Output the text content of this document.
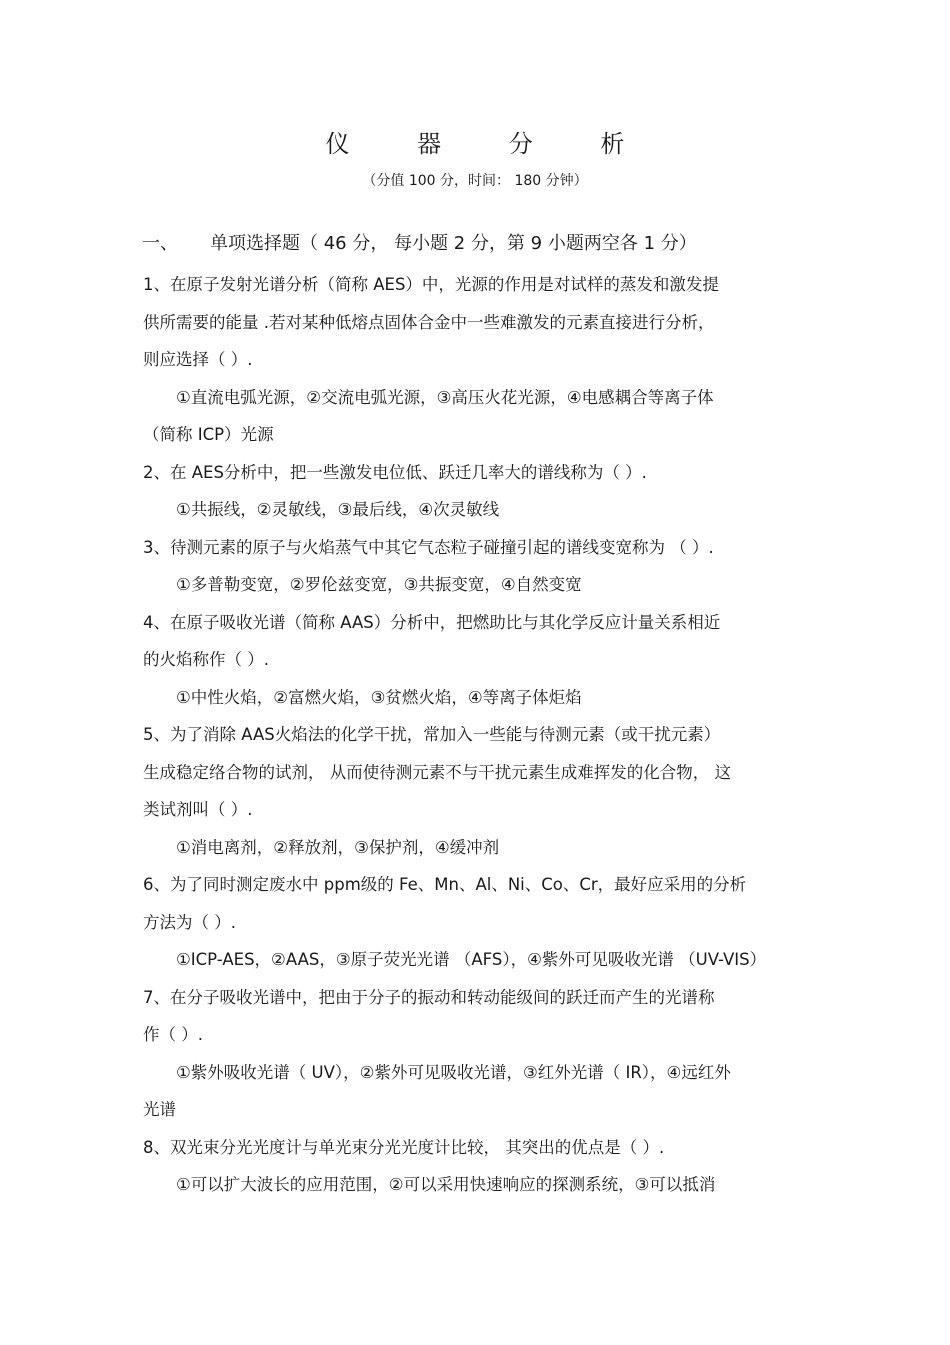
仪 器 分 析
（分值 100 分，时间： 180 分钟）
一、 单项选择题（ 46 分， 每小题 2 分，第 9 小题两空各 1 分）
1、在原子发射光谱分析（简称 AES）中，光源的作用是对试样的蒸发和激发提
供所需要的能量 .若对某种低熔点固体合金中一些难激发的元素直接进行分析，
则应选择（ ）.
①直流电弧光源，②交流电弧光源，③高压火花光源，④电感耦合等离子体
（简称 ICP）光源
2、在 AES分析中，把一些激发电位低、跃迁几率大的谱线称为（ ）.
①共振线，②灵敏线，③最后线，④次灵敏线
3、待测元素的原子与火焰蒸气中其它气态粒子碰撞引起的谱线变宽称为 （ ）.
①多普勒变宽，②罗伦兹变宽，③共振变宽，④自然变宽
4、在原子吸收光谱（简称 AAS）分析中，把燃助比与其化学反应计量关系相近
的火焰称作（ ）.
①中性火焰，②富燃火焰，③贫燃火焰，④等离子体炬焰
5、为了消除 AAS火焰法的化学干扰，常加入一些能与待测元素（或干扰元素）
生成稳定络合物的试剂， 从而使待测元素不与干扰元素生成难挥发的化合物， 这
类试剂叫（ ）.
①消电离剂，②释放剂，③保护剂，④缓冲剂
6、为了同时测定废水中 ppm级的 Fe、Mn、Al、Ni、Co、Cr，最好应采用的分析
方法为（ ）.
①ICP-AES，②AAS，③原子荧光光谱 （AFS），④紫外可见吸收光谱 （UV-VIS）
7、在分子吸收光谱中，把由于分子的振动和转动能级间的跃迁而产生的光谱称
作（ ）.
①紫外吸收光谱（ UV），②紫外可见吸收光谱，③红外光谱（ IR），④远红外
光谱
8、双光束分光光度计与单光束分光光度计比较， 其突出的优点是（ ）.
①可以扩大波长的应用范围，②可以采用快速响应的探测系统，③可以抵消
